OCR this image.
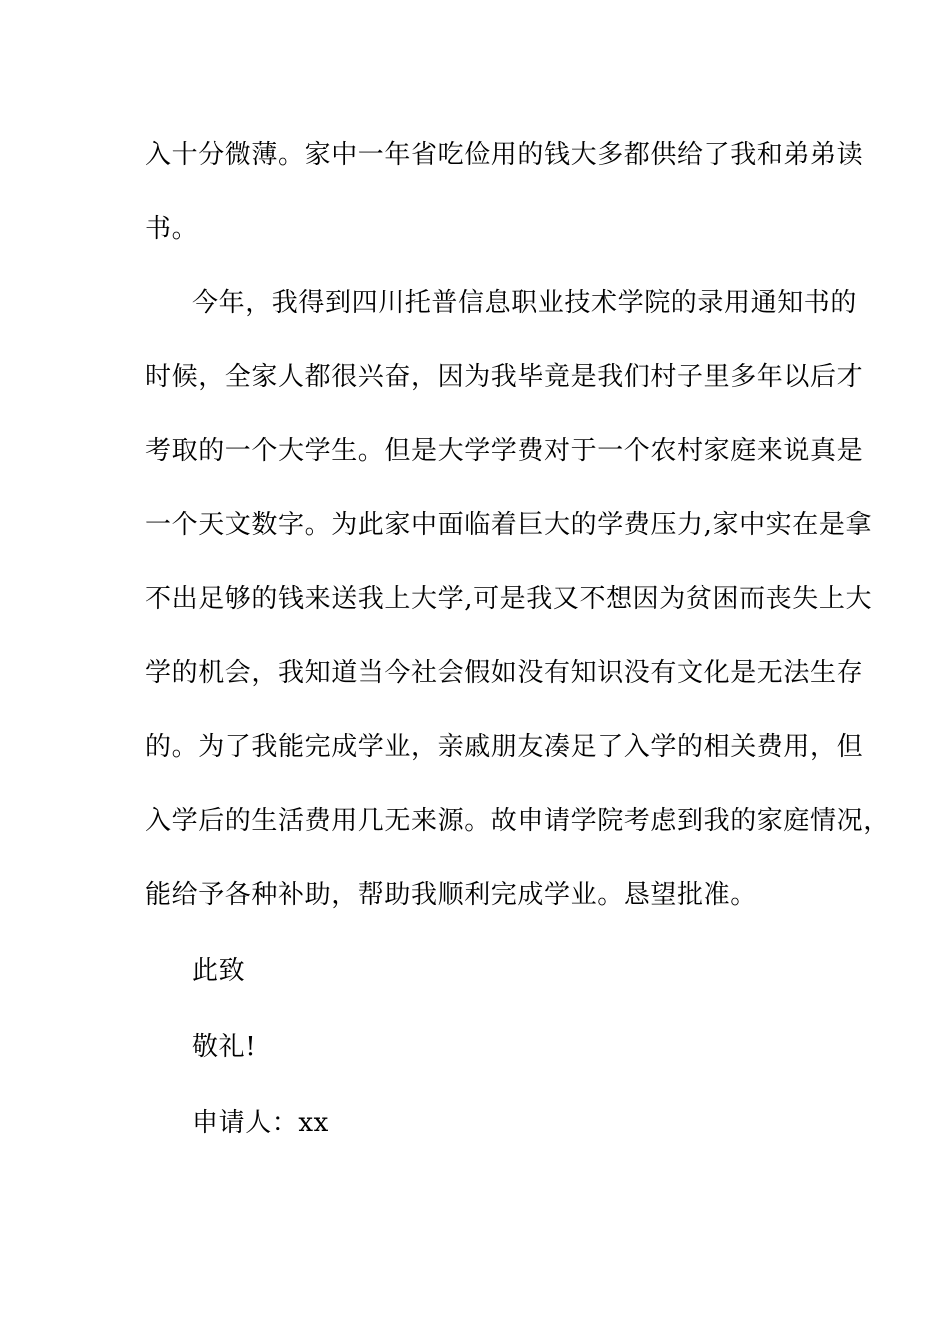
入十分微薄。家中一年省吃俭用的钱大多都供给了我和弟弟读
书。
今年，我得到四川托普信息职业技术学院的录用通知书的
时候，全家人都很兴奋，因为我毕竟是我们村子里多年以后才
考取的一个大学生。但是大学学费对于一个农村家庭来说真是
一个天文数字。为此家中面临着巨大的学费压力,家中实在是拿
不出足够的钱来送我上大学,可是我又不想因为贫困而丧失上大
学的机会，我知道当今社会假如没有知识没有文化是无法生存
的。为了我能完成学业，亲戚朋友凑足了入学的相关费用，但
入学后的生活费用几无来源。故申请学院考虑到我的家庭情况，
能给予各种补助，帮助我顺利完成学业。恳望批准。
此致
敬礼!
申请人：xx
